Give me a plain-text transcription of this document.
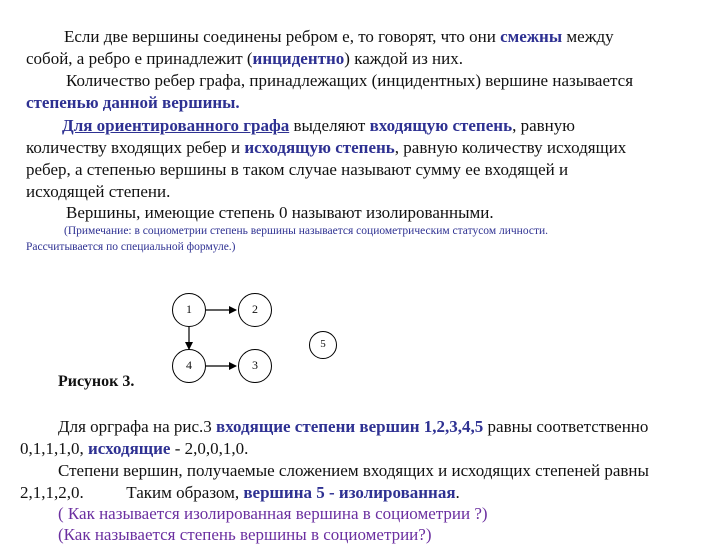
Если две вершины соединены ребром е, то говорят, что они смежны между
собой, а ребро е принадлежит (инцидентно) каждой из них.
Количество ребер графа, принадлежащих (инцидентных) вершине называется
степенью данной вершины.
Для ориентированного графа выделяют входящую степень, равную
количеству входящих ребер и исходящую степень, равную количеству исходящих
ребер, а степенью вершины в таком случае называют сумму ее входящей и
исходящей степени.
Вершины, имеющие степень 0 называют изолированными.
(Примечание: в социометрии степень вершины называется социометрическим статусом личности.
Рассчитывается по специальной формуле.)
1	2
5
4	3
Рисунок 3.
Для орграфа на рис.3 входящие степени вершин 1,2,3,4,5 равны соответственно
0,1,1,1,0, исходящие - 2,0,0,1,0.
Степени вершин, получаемые сложением входящих и исходящих степеней равны
2,1,1,2,0.          Таким образом, вершина 5 - изолированная.
( Как называется изолированная вершина в социометрии ?)
(Как называется степень вершины в социометрии?)
